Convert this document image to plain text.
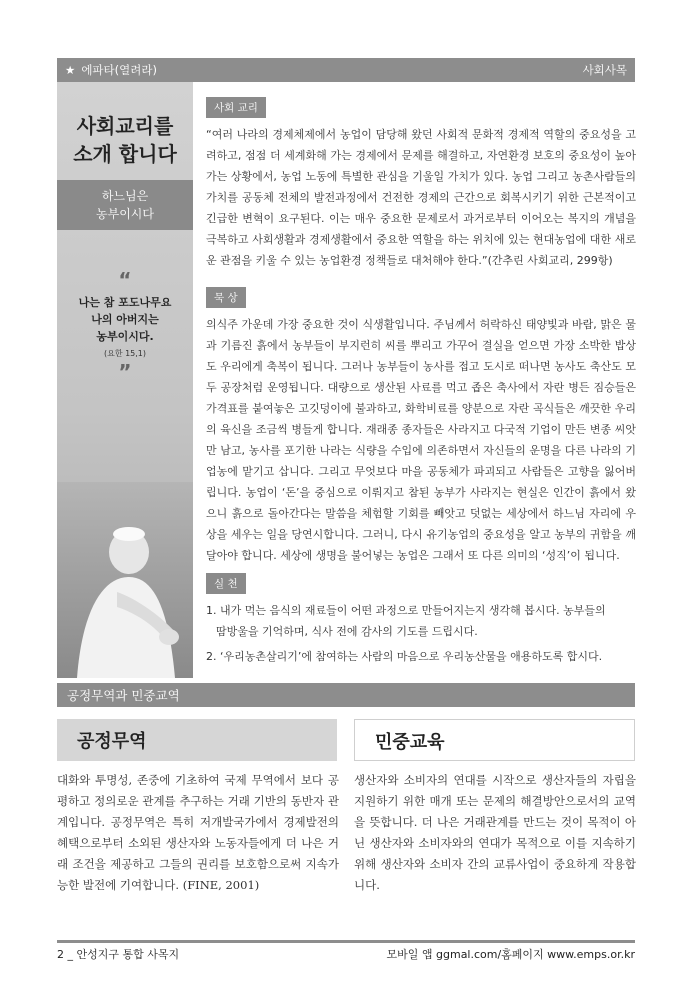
★ 에파타(열려라)	사회사목
사회교리를
소개 합니다
하느님은
농부이시다
“
나는 참 포도나무요
나의 아버지는
농부이시다.
(요한 15,1)
”
사회 교리

“여러 나라의 경제체제에서 농업이 담당해 왔던 사회적 문화적 경제적 역할의 중요성을 고려하고, 점점 더 세계화해 가는 경제에서 문제를 해결하고, 자연환경 보호의 중요성이 높아가는 상황에서, 농업 노동에 특별한 관심을 기울일 가치가 있다. 농업 그리고 농촌사람들의 가치를 공동체 전체의 발전과정에서 건전한 경제의 근간으로 회복시키기 위한 근본적이고 긴급한 변혁이 요구된다. 이는 매우 중요한 문제로서 과거로부터 이어오는 복지의 개념을 극복하고 사회생활과 경제생활에서 중요한 역할을 하는 위치에 있는 현대농업에 대한 새로운 관점을 키울 수 있는 농업환경 정책들로 대처해야 한다.”(간추린 사회교리, 299항)

묵 상

의식주 가운데 가장 중요한 것이 식생활입니다. 주님께서 허락하신 태양빛과 바람, 맑은 물과 기름진 흙에서 농부들이 부지런히 씨를 뿌리고 가꾸어 결실을 얻으면 가장 소박한 밥상도 우리에게 축복이 됩니다. 그러나 농부들이 농사를 접고 도시로 떠나면 농사도 축산도 모두 공장처럼 운영됩니다. 대량으로 생산된 사료를 먹고 좁은 축사에서 자란 병든 짐승들은 가격표를 붙여놓은 고깃덩이에 불과하고, 화학비료를 양분으로 자란 곡식들은 깨끗한 우리의 육신을 조금씩 병들게 합니다. 재래종 종자들은 사라지고 다국적 기업이 만든 변종 씨앗만 남고, 농사를 포기한 나라는 식량을 수입에 의존하면서 자신들의 운명을 다른 나라의 기업농에 맡기고 삽니다. 그리고 무엇보다 마을 공동체가 파괴되고 사람들은 고향을 잃어버립니다. 농업이 ‘돈’을 중심으로 이뤄지고 참된 농부가 사라지는 현실은 인간이 흙에서 왔으니 흙으로 돌아간다는 말씀을 체험할 기회를 빼앗고 덧없는 세상에서 하느님 자리에 우상을 세우는 일을 당연시합니다. 그러니, 다시 유기농업의 중요성을 알고 농부의 귀함을 깨달아야 합니다. 세상에 생명을 불어넣는 농업은 그래서 또 다른 의미의 ‘성직’이 됩니다.

실 천
1. 내가 먹는 음식의 재료들이 어떤 과정으로 만들어지는지 생각해 봅시다. 농부들의
땀방울을 기억하며, 식사 전에 감사의 기도를 드립시다.
2. ‘우리농촌살리기’에 참여하는 사람의 마음으로 우리농산물을 애용하도록 합시다.
공정무역과 민중교역
공정무역	민중교육

대화와 투명성, 존중에 기초하여 국제 무역에서 보다 공평하고 정의로운 관계를 추구하는 거래 기반의 동반자 관계입니다. 공정무역은 특히 저개발국가에서 경제발전의 혜택으로부터 소외된 생산자와 노동자들에게 더 나은 거래 조건을 제공하고 그들의 권리를 보호함으로써 지속가능한 발전에 기여합니다. (FINE, 2001)

생산자와 소비자의 연대를 시작으로 생산자들의 자립을 지원하기 위한 매개 또는 문제의 해결방안으로서의 교역을 뜻합니다. 더 나은 거래관계를 만드는 것이 목적이 아닌 생산자와 소비자와의 연대가 목적으로 이를 지속하기 위해 생산자와 소비자 간의 교류사업이 중요하게 작용합니다.

2 _ 안성지구 통합 사목지	모바일 앱 ggmal.com/홈페이지 www.emps.or.kr
